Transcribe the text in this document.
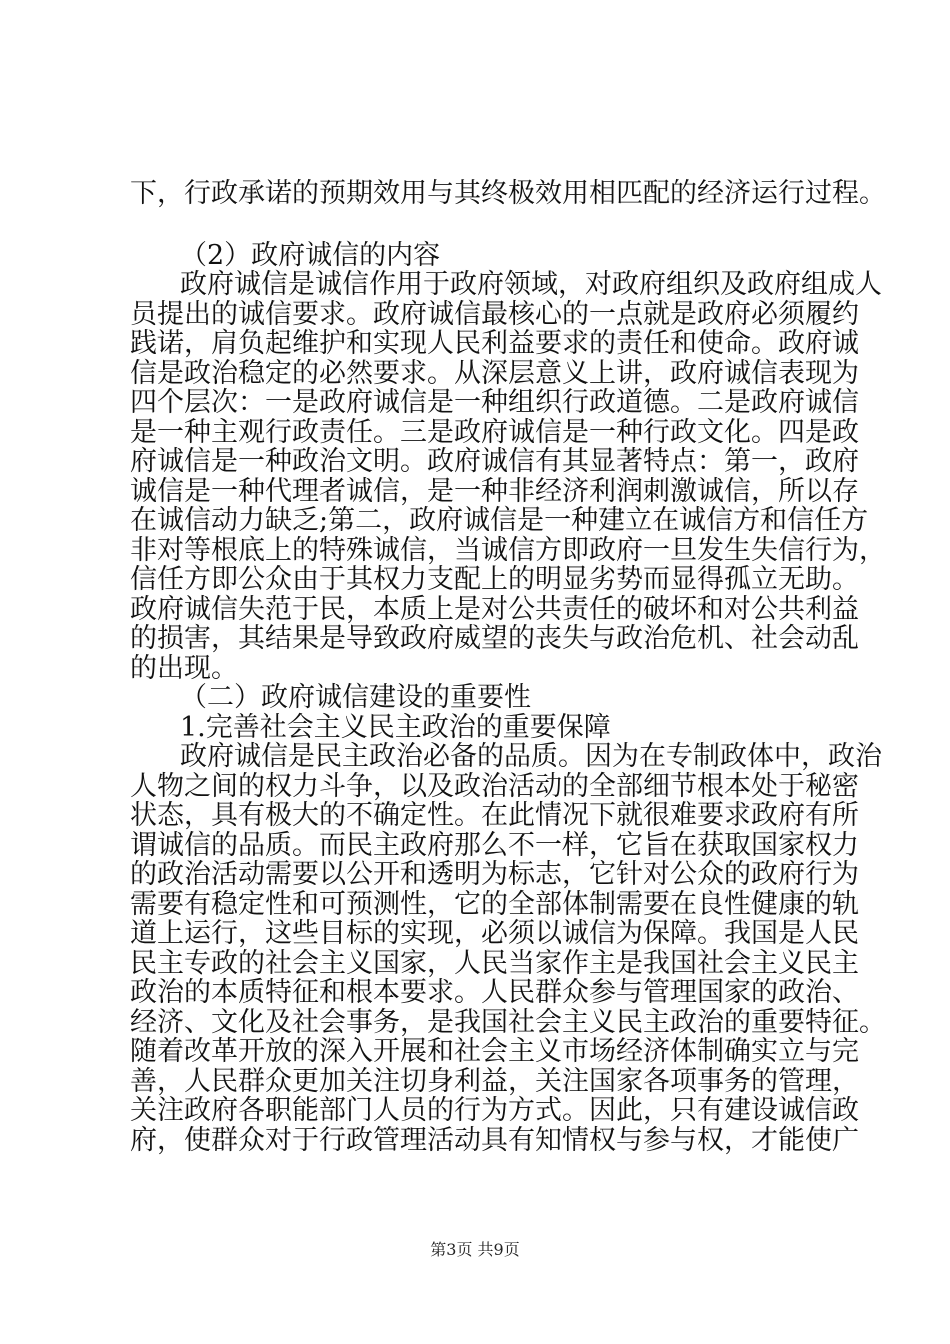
下，行政承诺的预期效用与其终极效用相匹配的经济运行过程。
（2）政府诚信的内容
政府诚信是诚信作用于政府领域，对政府组织及政府组成人
员提出的诚信要求。政府诚信最核心的一点就是政府必须履约
践诺，肩负起维护和实现人民利益要求的责任和使命。政府诚
信是政治稳定的必然要求。从深层意义上讲，政府诚信表现为
四个层次：一是政府诚信是一种组织行政道德。二是政府诚信
是一种主观行政责任。三是政府诚信是一种行政文化。四是政
府诚信是一种政治文明。政府诚信有其显著特点：第一，政府
诚信是一种代理者诚信，是一种非经济利润刺激诚信，所以存
在诚信动力缺乏;第二，政府诚信是一种建立在诚信方和信任方
非对等根底上的特殊诚信，当诚信方即政府一旦发生失信行为，
信任方即公众由于其权力支配上的明显劣势而显得孤立无助。
政府诚信失范于民，本质上是对公共责任的破坏和对公共利益
的损害，其结果是导致政府威望的丧失与政治危机、社会动乱
的出现。
（二）政府诚信建设的重要性
1.完善社会主义民主政治的重要保障
政府诚信是民主政治必备的品质。因为在专制政体中，政治
人物之间的权力斗争，以及政治活动的全部细节根本处于秘密
状态，具有极大的不确定性。在此情况下就很难要求政府有所
谓诚信的品质。而民主政府那么不一样，它旨在获取国家权力
的政治活动需要以公开和透明为标志，它针对公众的政府行为
需要有稳定性和可预测性，它的全部体制需要在良性健康的轨
道上运行，这些目标的实现，必须以诚信为保障。我国是人民
民主专政的社会主义国家，人民当家作主是我国社会主义民主
政治的本质特征和根本要求。人民群众参与管理国家的政治、
经济、文化及社会事务，是我国社会主义民主政治的重要特征。
随着改革开放的深入开展和社会主义市场经济体制确实立与完
善，人民群众更加关注切身利益，关注国家各项事务的管理，
关注政府各职能部门人员的行为方式。因此，只有建设诚信政
府，使群众对于行政管理活动具有知情权与参与权，才能使广
第3页 共9页
